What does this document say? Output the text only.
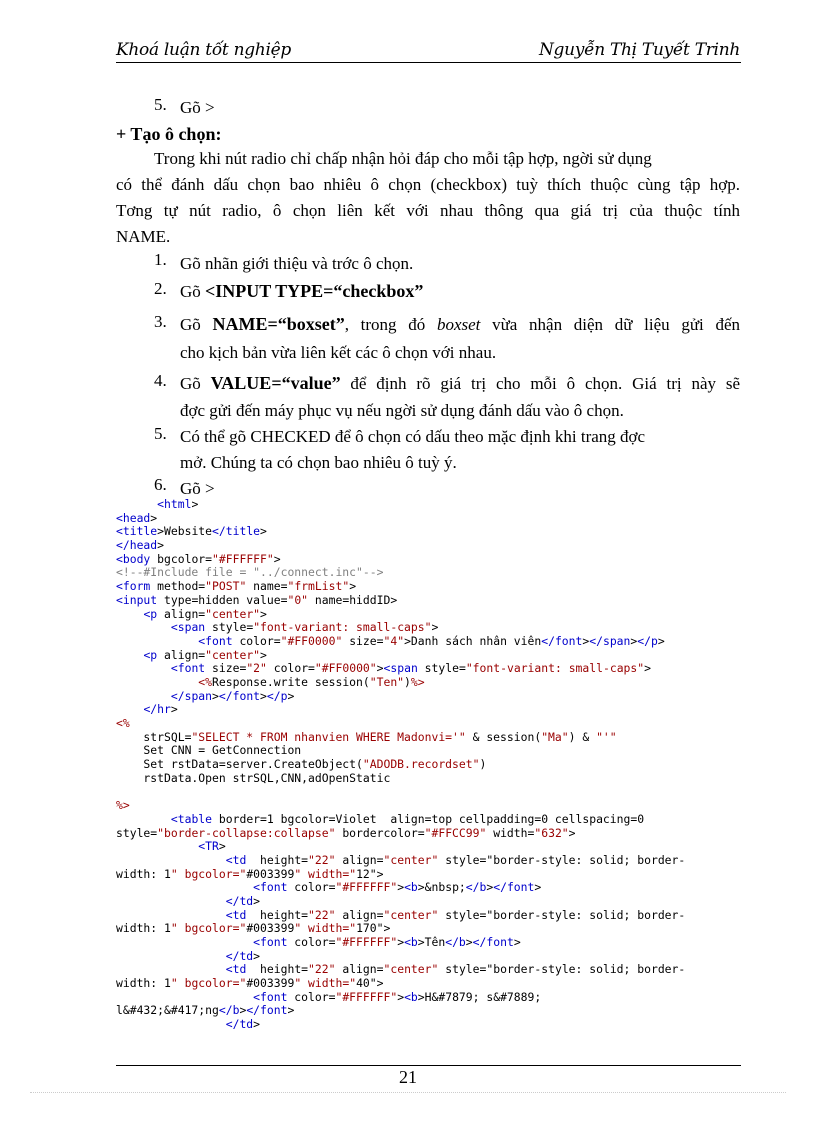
Khoá luận tốt nghiệp	Nguyễn Thị Tuyết Trinh
5. Gõ >
+ Tạo ô chọn:
Trong khi nút radio chỉ chấp nhận hỏi đáp cho mỗi tập hợp, ngời sử dụng
có thể đánh dấu chọn bao nhiêu ô chọn (checkbox) tuỳ thích thuộc cùng tập hợp.
Tơng tự nút radio, ô chọn liên kết với nhau thông qua giá trị của thuộc tính
NAME.
1. Gõ nhãn giới thiệu và trớc ô chọn.
2. Gõ <INPUT TYPE=“checkbox”
3. Gõ NAME=“boxset”, trong đó boxset vừa nhận diện dữ liệu gửi đến
cho kịch bản vừa liên kết các ô chọn với nhau.
4. Gõ VALUE=“value” để định rõ giá trị cho mỗi ô chọn. Giá trị này sẽ
đợc gửi đến máy phục vụ nếu ngời sử dụng đánh dấu vào ô chọn.
5. Có thể gõ CHECKED để ô chọn có dấu theo mặc định khi trang đợc
mở. Chúng ta có chọn bao nhiêu ô tuỳ ý.
6. Gõ >
<html>
<head>
<title>Website</title>
</head>
<body bgcolor="#FFFFFF">
<!--#Include file = "../connect.inc"-->
<form method="POST" name="frmList">
<input type=hidden value="0" name=hiddID>
<p align="center">
<span style="font-variant: small-caps">
<font color="#FF0000" size="4">Danh sách nhân viên</font></span></p>
<p align="center">
<font size="2" color="#FF0000"><span style="font-variant: small-caps">
<%Response.write session("Ten")%>
</span></font></p>
</hr>
<%
strSQL="SELECT * FROM nhanvien WHERE Madonvi='" & session("Ma") & "'"
Set CNN = GetConnection
Set rstData=server.CreateObject("ADODB.recordset")
rstData.Open strSQL,CNN,adOpenStatic
%>
<table border=1 bgcolor=Violet  align=top cellpadding=0 cellspacing=0
style="border-collapse:collapse" bordercolor="#FFCC99" width="632">
<TR>
<td  height="22" align="center" style="border-style: solid; border-
width: 1" bgcolor="#003399" width="12">
<font color="#FFFFFF"><b>&nbsp;</b></font>
</td>
<td  height="22" align="center" style="border-style: solid; border-
width: 1" bgcolor="#003399" width="170">
<font color="#FFFFFF"><b>Tên</b></font>
</td>
<td  height="22" align="center" style="border-style: solid; border-
width: 1" bgcolor="#003399" width="40">
<font color="#FFFFFF"><b>H&#7879; s&#7889;
l&#432;&#417;ng</b></font>
</td>
21
